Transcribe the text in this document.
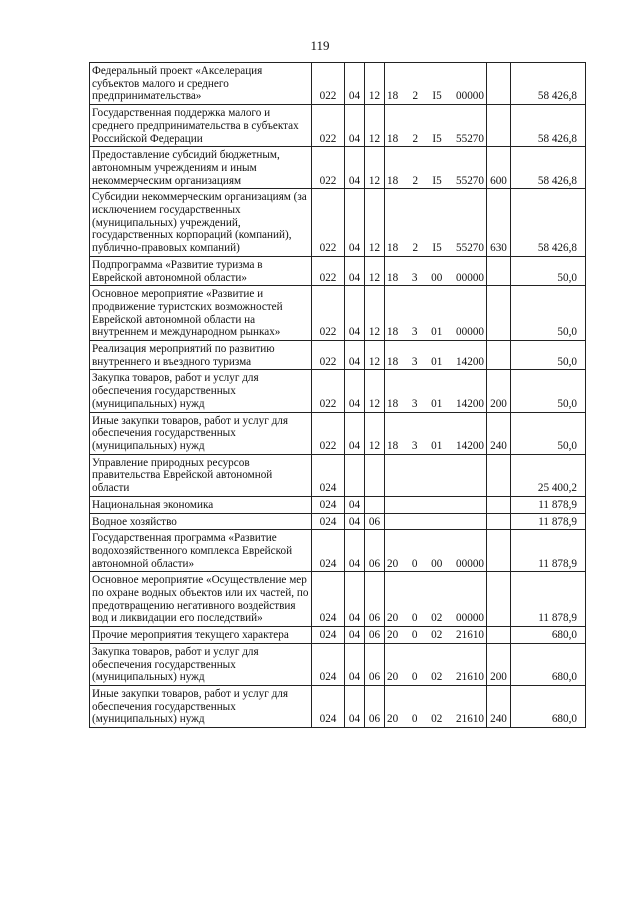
119
Федеральный проект «Акселерация субъектов малого и среднего предпринимательства»	022	04	12	18 2 I5 00000		58 426,8
Государственная поддержка малого и среднего предпринимательства в субъектах Российской Федерации	022	04	12	18 2 I5 55270		58 426,8
Предоставление субсидий бюджетным, автономным учреждениям и иным некоммерческим организациям	022	04	12	18 2 I5 55270	600	58 426,8
Субсидии некоммерческим организациям (за исключением государственных (муниципальных) учреждений, государственных корпораций (компаний), публично-правовых компаний)	022	04	12	18 2 I5 55270	630	58 426,8
Подпрограмма «Развитие туризма в Еврейской автономной области»	022	04	12	18 3 00 00000		50,0
Основное мероприятие «Развитие и продвижение туристских возможностей Еврейской автономной области на внутреннем и международном рынках»	022	04	12	18 3 01 00000		50,0
Реализация мероприятий по развитию внутреннего и въездного туризма	022	04	12	18 3 01 14200		50,0
Закупка товаров, работ и услуг для обеспечения государственных (муниципальных) нужд	022	04	12	18 3 01 14200	200	50,0
Иные закупки товаров, работ и услуг для обеспечения государственных (муниципальных) нужд	022	04	12	18 3 01 14200	240	50,0
Управление природных ресурсов правительства Еврейской автономной области	024					25 400,2
Национальная экономика	024	04				11 878,9
Водное хозяйство	024	04	06			11 878,9
Государственная программа «Развитие водохозяйственного комплекса Еврейской автономной области»	024	04	06	20 0 00 00000		11 878,9
Основное мероприятие «Осуществление мер по охране водных объектов или их частей, по предотвращению негативного воздействия вод и ликвидации его последствий»	024	04	06	20 0 02 00000		11 878,9
Прочие мероприятия текущего характера	024	04	06	20 0 02 21610		680,0
Закупка товаров, работ и услуг для обеспечения государственных (муниципальных) нужд	024	04	06	20 0 02 21610	200	680,0
Иные закупки товаров, работ и услуг для обеспечения государственных (муниципальных) нужд	024	04	06	20 0 02 21610	240	680,0
